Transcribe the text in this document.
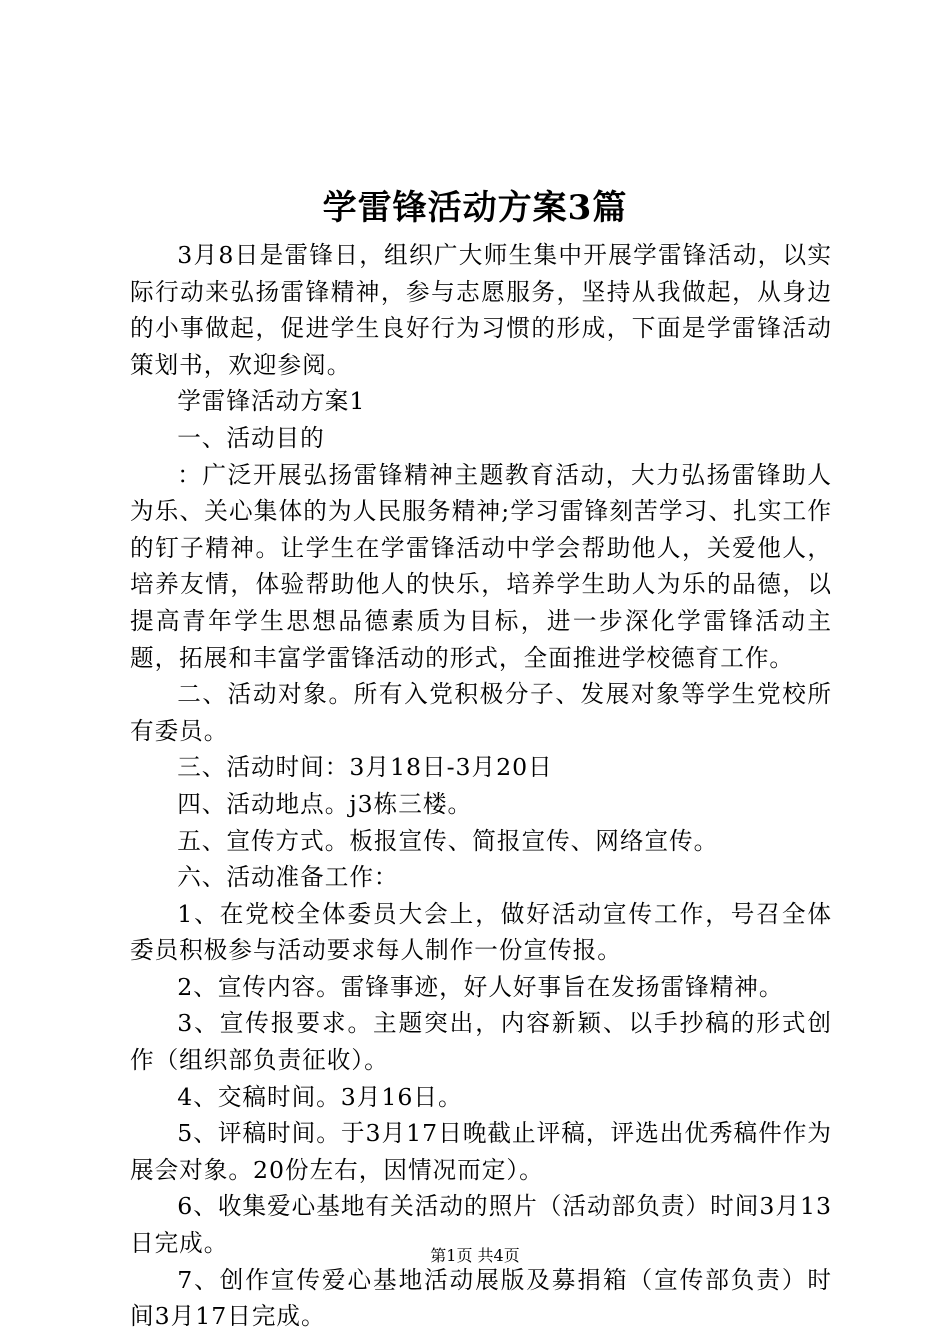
学雷锋活动方案3篇

3月8日是雷锋日，组织广大师生集中开展学雷锋活动，以实际行动来弘扬雷锋精神，参与志愿服务，坚持从我做起，从身边的小事做起，促进学生良好行为习惯的形成，下面是学雷锋活动策划书，欢迎参阅。

学雷锋活动方案1

一、活动目的

：广泛开展弘扬雷锋精神主题教育活动，大力弘扬雷锋助人为乐、关心集体的为人民服务精神;学习雷锋刻苦学习、扎实工作的钉子精神。让学生在学雷锋活动中学会帮助他人，关爱他人，培养友情，体验帮助他人的快乐，培养学生助人为乐的品德，以提高青年学生思想品德素质为目标，进一步深化学雷锋活动主题，拓展和丰富学雷锋活动的形式，全面推进学校德育工作。

二、活动对象。所有入党积极分子、发展对象等学生党校所有委员。

三、活动时间：3月18日-3月20日

四、活动地点。j3栋三楼。

五、宣传方式。板报宣传、简报宣传、网络宣传。

六、活动准备工作：

1、在党校全体委员大会上，做好活动宣传工作，号召全体委员积极参与活动要求每人制作一份宣传报。

2、宣传内容。雷锋事迹，好人好事旨在发扬雷锋精神。

3、宣传报要求。主题突出，内容新颖、以手抄稿的形式创作（组织部负责征收）。

4、交稿时间。3月16日。

5、评稿时间。于3月17日晚截止评稿，评选出优秀稿件作为展会对象。20份左右，因情况而定）。

6、收集爱心基地有关活动的照片（活动部负责）时间3月13日完成。

7、创作宣传爱心基地活动展版及募捐箱（宣传部负责）时间3月17日完成。

第1页 共4页
